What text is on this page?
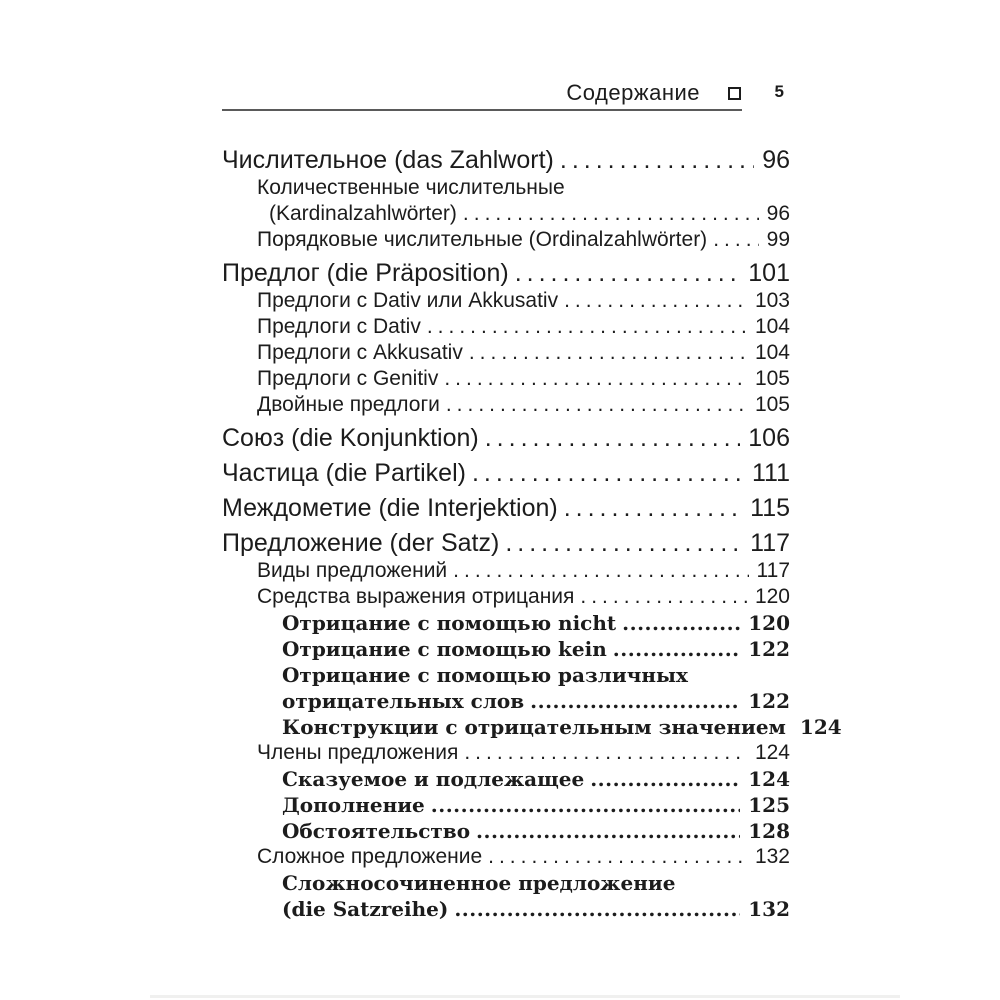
Содержание	5
Числительное (das Zahlwort) .....	96
Количественные числительные
(Kardinalzahlwörter) .....	96
Порядковые числительные (Ordinalzahlwörter) .....	99
Предлог (die Präposition) .....	101
Предлоги с Dativ или Akkusativ .....	103
Предлоги с Dativ .....	104
Предлоги с Akkusativ .....	104
Предлоги с Genitiv .....	105
Двойные предлоги .....	105
Союз (die Konjunktion) .....	106
Частица (die Partikel) .....	111
Междометие (die Interjektion) .....	115
Предложение (der Satz) .....	117
Виды предложений .....	117
Средства выражения отрицания .....	120
Отрицание с помощью nicht .....	120
Отрицание с помощью kein .....	122
Отрицание с помощью различных
отрицательных слов .....	122
Конструкции с отрицательным значением 124
Члены предложения .....	124
Сказуемое и подлежащее .....	124
Дополнение .....	125
Обстоятельство .....	128
Сложное предложение .....	132
Сложносочиненное предложение
(die Satzreihe) .....	132
